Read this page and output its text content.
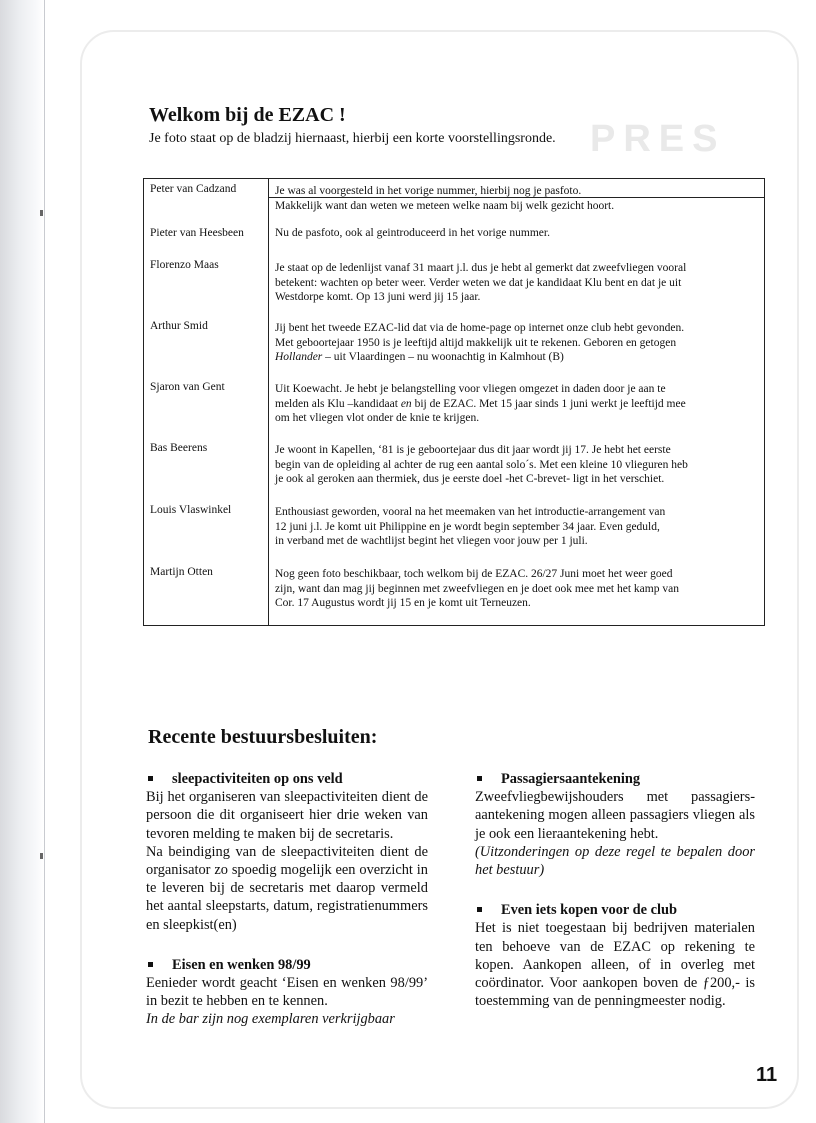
PRES
Welkom bij de EZAC !
Je foto staat op de bladzij hiernaast, hierbij een korte voorstellingsronde.
Peter van Cadzand	Je was al voorgesteld in het vorige nummer, hierbij nog je pasfoto.
Makkelijk want dan weten we meteen welke naam bij welk gezicht hoort.
Pieter van Heesbeen	Nu de pasfoto, ook al geintroduceerd in het vorige nummer.
Florenzo Maas	Je staat op de ledenlijst vanaf 31 maart j.l. dus je hebt al gemerkt dat zweefvliegen vooral
betekent: wachten op beter weer. Verder weten we dat je kandidaat Klu bent en dat je uit
Westdorpe komt. Op 13 juni werd jij 15 jaar.
Arthur Smid	Jij bent het tweede EZAC-lid dat via de home-page op internet onze club hebt gevonden.
Met geboortejaar 1950 is je leeftijd altijd makkelijk uit te rekenen. Geboren en getogen
Hollander – uit Vlaardingen – nu woonachtig in Kalmhout (B)
Sjaron van Gent	Uit Koewacht. Je hebt je belangstelling voor vliegen omgezet in daden door je aan te
melden als Klu –kandidaat en bij de EZAC. Met 15 jaar sinds 1 juni werkt je leeftijd mee
om het vliegen vlot onder de knie te krijgen.
Bas Beerens	Je woont in Kapellen, ‘81 is je geboortejaar dus dit jaar wordt jij 17. Je hebt het eerste
begin van de opleiding al achter de rug een aantal solo´s. Met een kleine 10 vlieguren heb
je ook al geroken aan thermiek, dus je eerste doel -het C-brevet- ligt in het verschiet.
Louis Vlaswinkel	Enthousiast geworden, vooral na het meemaken van het introductie-arrangement van
12 juni j.l. Je komt uit Philippine en je wordt begin september 34 jaar. Even geduld,
in verband met de wachtlijst begint het vliegen voor jouw per 1 juli.
Martijn Otten	Nog geen foto beschikbaar, toch welkom bij de EZAC. 26/27 Juni moet het weer goed
zijn, want dan mag jij beginnen met zweefvliegen en je doet ook mee met het kamp van
Cor. 17 Augustus wordt jij 15 en je komt uit Terneuzen.
Recente bestuursbesluiten:
sleepactiviteiten op ons veld

Bij het organiseren van sleepactiviteiten dient de persoon die dit organiseert hier drie weken van tevoren melding te maken bij de secretaris.

Na beindiging van de sleepactiviteiten dient de organisator zo spoedig mogelijk een overzicht in te leveren bij de secretaris met daarop vermeld het aantal sleepstarts, datum, registratienummers en sleepkist(en)

Eisen en wenken 98/99

Eenieder wordt geacht ‘Eisen en wenken 98/99’ in bezit te hebben en te kennen.

In de bar zijn nog exemplaren verkrijgbaar

Passagiersaantekening

Zweefvliegbewijshouders met passagiers-aantekening mogen alleen passagiers vliegen als je ook een lieraantekening hebt.

(Uitzonderingen op deze regel te bepalen door het bestuur)

Even iets kopen voor de club

Het is niet toegestaan bij bedrijven materialen ten behoeve van de EZAC op rekening te kopen. Aankopen alleen, of in overleg met coördinator. Voor aankopen boven de ƒ200,- is toestemming van de penningmeester nodig.

11
